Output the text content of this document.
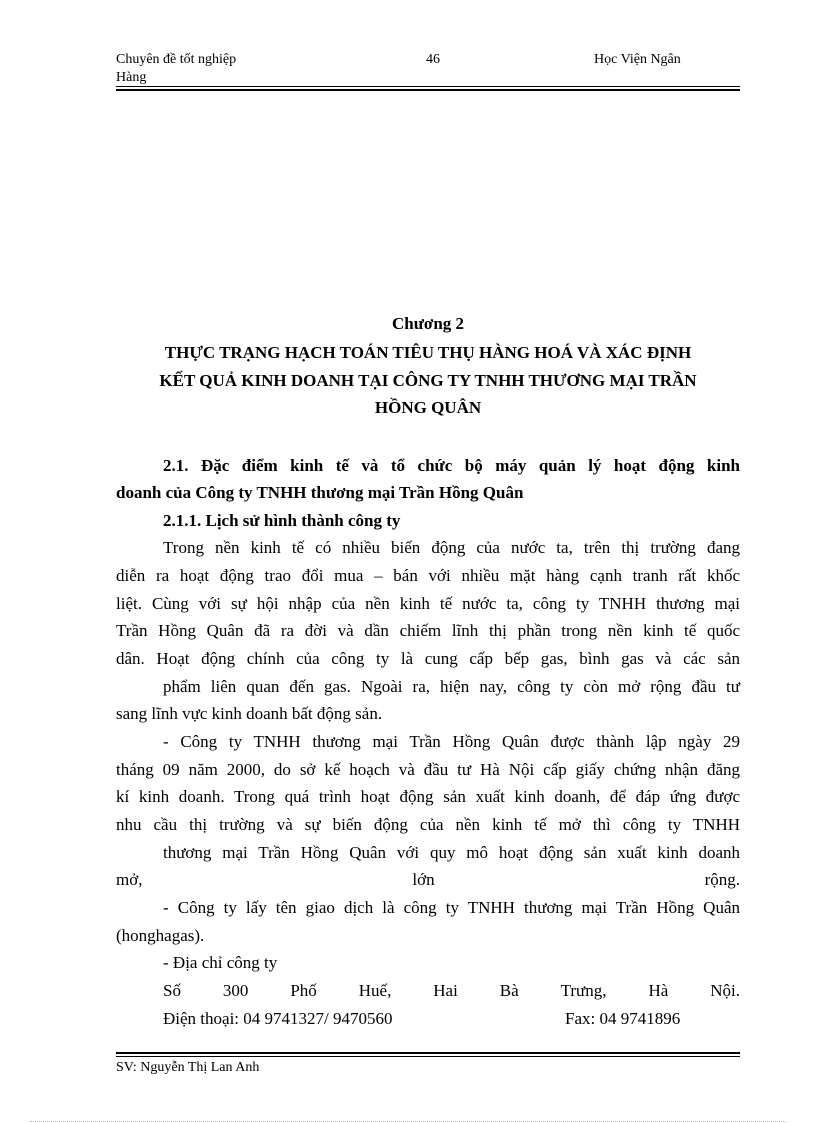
Chuyên đề tốt nghiệp
Hàng
46	Học Viện Ngân
Chương 2
THỰC TRẠNG HẠCH TOÁN TIÊU THỤ HÀNG HOÁ VÀ XÁC ĐỊNH
KẾT QUẢ KINH DOANH TẠI CÔNG TY TNHH THƯƠNG MẠI TRẦN
HỒNG QUÂN
2.1. Đặc điểm kinh tế và tổ chức bộ máy quản lý hoạt động kinh
doanh của Công ty TNHH thương mại Trần Hồng Quân
2.1.1. Lịch sử hình thành công ty
Trong nền kinh tế có nhiều biến động của nước ta, trên thị trường đang
diễn ra hoạt động trao đổi mua – bán với nhiều mặt hàng cạnh tranh rất khốc
liệt. Cùng với sự hội nhập của nền kinh tế nước ta, công ty TNHH thương mại
Trần Hồng Quân đã ra đời và dần chiếm lĩnh thị phần trong nền kinh tế quốc
dân. Hoạt động chính của công ty là cung cấp bếp gas, bình gas và các sản
phẩm liên quan đến gas. Ngoài ra, hiện nay, công ty còn mở rộng đầu tư
sang lĩnh vực kinh doanh bất động sản.
- Công ty TNHH thương mại Trần Hồng Quân được thành lập ngày 29
tháng 09 năm 2000, do sở kế hoạch và đầu tư Hà Nội cấp giấy chứng nhận đăng
kí kinh doanh. Trong quá trình hoạt động sản xuất kinh doanh, để đáp ứng được
nhu cầu thị trường và sự biến động của nền kinh tế mở thì công ty TNHH
thương mại Trần Hồng Quân với quy mô hoạt động sản xuất kinh doanh
mở,	lớn	rộng.
- Công ty lấy tên giao dịch là công ty TNHH thương mại Trần Hồng Quân
(honghagas).
- Địa chỉ công ty
Số 300 Phố Huế, Hai Bà Trưng, Hà Nội.
Điện thoại: 04 9741327/ 9470560	Fax: 04 9741896
SV: Nguyễn Thị Lan Anh
